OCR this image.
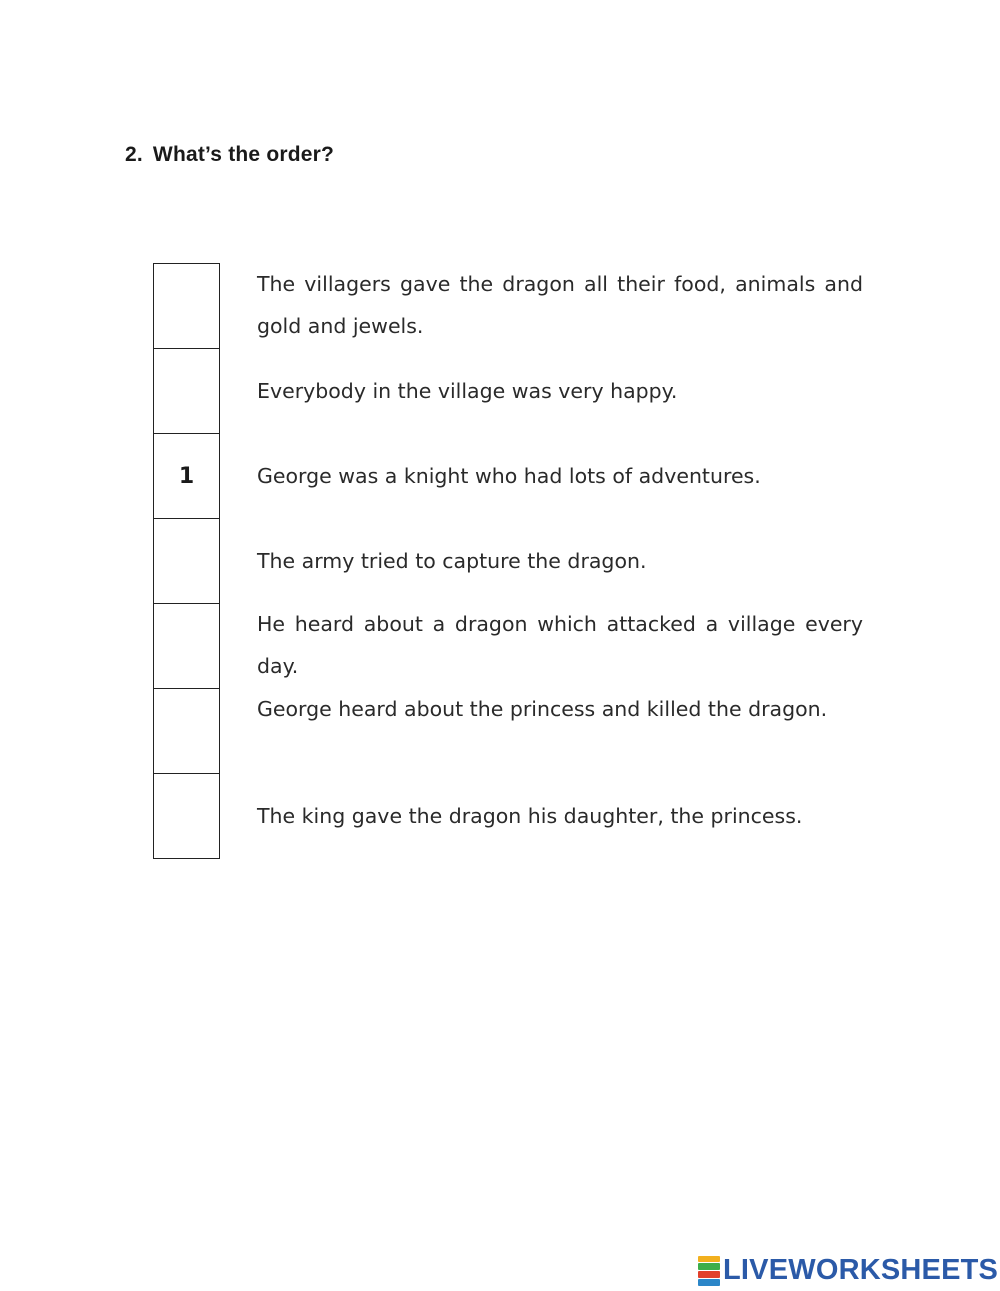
2. What’s the order?
1
The villagers gave the dragon all their food, animals and gold and jewels.
Everybody in the village was very happy.
George was a knight who had lots of adventures.
The army tried to capture the dragon.
He heard about a dragon which attacked a village every day.
George heard about the princess and killed the dragon.
The king gave the dragon his daughter, the princess.
LIVEWORKSHEETS
